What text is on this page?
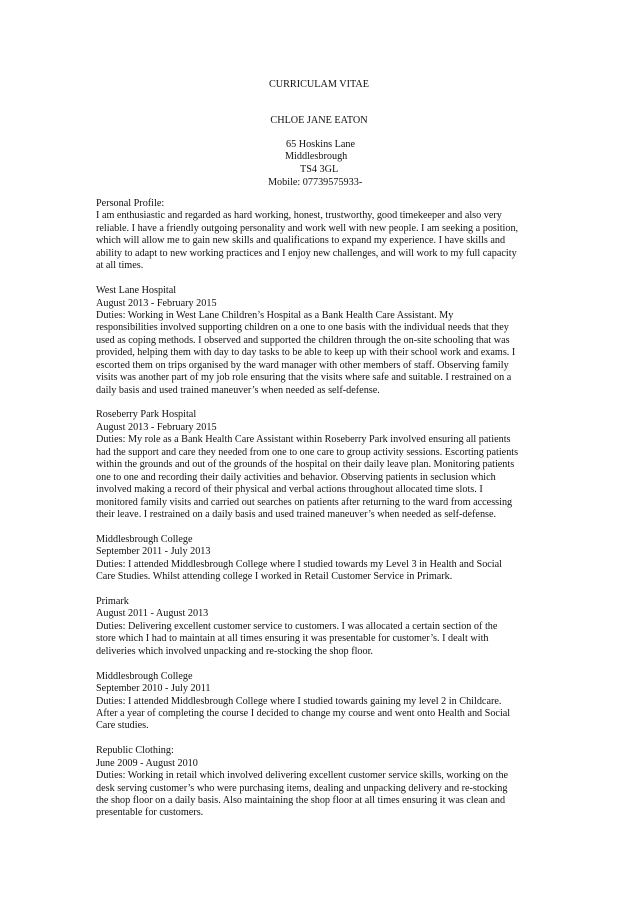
CURRICULAM VITAE
CHLOE JANE EATON
65 Hoskins Lane
Middlesbrough
TS4 3GL
Mobile: 07739575933-
Personal Profile:
I am enthusiastic and regarded as hard working, honest, trustworthy, good timekeeper and also very
reliable. I have a friendly outgoing personality and work well with new people. I am seeking a position,
which will allow me to gain new skills and qualifications to expand my experience. I have skills and
ability to adapt to new working practices and I enjoy new challenges, and will work to my full capacity
at all times.
West Lane Hospital
August 2013 - February 2015
Duties: Working in West Lane Children’s Hospital as a Bank Health Care Assistant. My
responsibilities involved supporting children on a one to one basis with the individual needs that they
used as coping methods. I observed and supported the children through the on-site schooling that was
provided, helping them with day to day tasks to be able to keep up with their school work and exams. I
escorted them on trips organised by the ward manager with other members of staff. Observing family
visits was another part of my job role ensuring that the visits where safe and suitable. I restrained on a
daily basis and used trained maneuver’s when needed as self-defense.
Roseberry Park Hospital
August 2013 - February 2015
Duties: My role as a Bank Health Care Assistant within Roseberry Park involved ensuring all patients
had the support and care they needed from one to one care to group activity sessions. Escorting patients
within the grounds and out of the grounds of the hospital on their daily leave plan. Monitoring patients
one to one and recording their daily activities and behavior. Observing patients in seclusion which
involved making a record of their physical and verbal actions throughout allocated time slots. I
monitored family visits and carried out searches on patients after returning to the ward from accessing
their leave. I restrained on a daily basis and used trained maneuver’s when needed as self-defense.
Middlesbrough College
September 2011 - July 2013
Duties: I attended Middlesbrough College where I studied towards my Level 3 in Health and Social
Care Studies. Whilst attending college I worked in Retail Customer Service in Primark.
Primark
August 2011 - August 2013
Duties: Delivering excellent customer service to customers. I was allocated a certain section of the
store which I had to maintain at all times ensuring it was presentable for customer’s. I dealt with
deliveries which involved unpacking and re-stocking the shop floor.
Middlesbrough College
September 2010 - July 2011
Duties: I attended Middlesbrough College where I studied towards gaining my level 2 in Childcare.
After a year of completing the course I decided to change my course and went onto Health and Social
Care studies.
Republic Clothing:
June 2009 - August 2010
Duties: Working in retail which involved delivering excellent customer service skills, working on the
desk serving customer’s who were purchasing items, dealing and unpacking delivery and re-stocking
the shop floor on a daily basis. Also maintaining the shop floor at all times ensuring it was clean and
presentable for customers.
